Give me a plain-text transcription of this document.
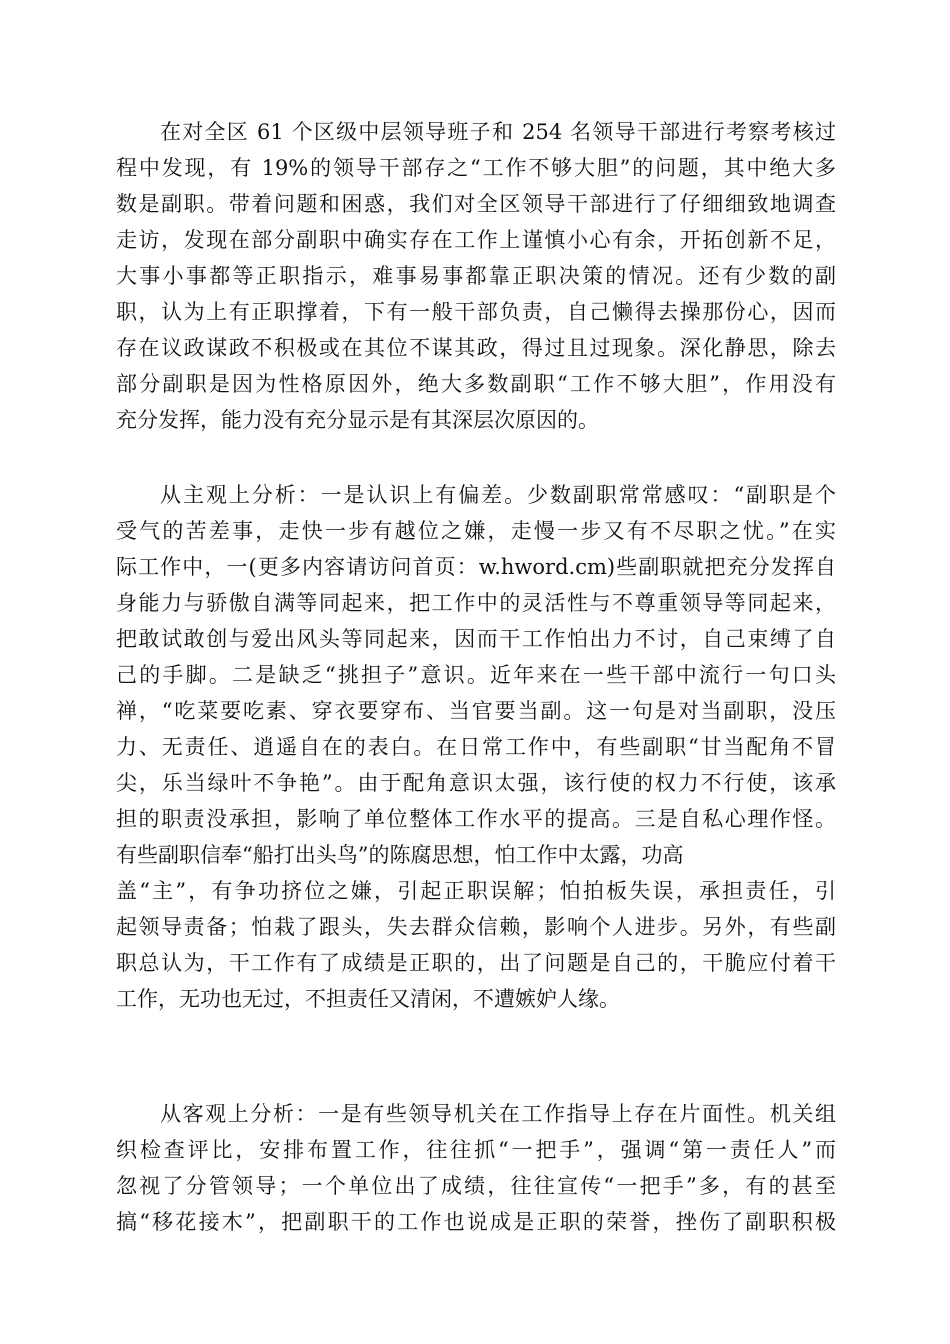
在对全区 61 个区级中层领导班子和 254 名领导干部进行考察考核过
程中发现，有 19%的领导干部存之“工作不够大胆”的问题，其中绝大多
数是副职。带着问题和困惑，我们对全区领导干部进行了仔细细致地调查
走访，发现在部分副职中确实存在工作上谨慎小心有余，开拓创新不足，
大事小事都等正职指示，难事易事都靠正职决策的情况。还有少数的副
职，认为上有正职撑着，下有一般干部负责，自己懒得去操那份心，因而
存在议政谋政不积极或在其位不谋其政，得过且过现象。深化静思，除去
部分副职是因为性格原因外，绝大多数副职“工作不够大胆”，作用没有
充分发挥，能力没有充分显示是有其深层次原因的。
从主观上分析：一是认识上有偏差。少数副职常常感叹：“副职是个
受气的苦差事，走快一步有越位之嫌，走慢一步又有不尽职之忧。”在实
际工作中，一(更多内容请访问首页：w.hword.cm)些副职就把充分发挥自
身能力与骄傲自满等同起来，把工作中的灵活性与不尊重领导等同起来，
把敢试敢创与爱出风头等同起来，因而干工作怕出力不讨，自己束缚了自
己的手脚。二是缺乏“挑担子”意识。近年来在一些干部中流行一句口头
禅，“吃菜要吃素、穿衣要穿布、当官要当副。这一句是对当副职，没压
力、无责任、逍遥自在的表白。在日常工作中，有些副职“甘当配角不冒
尖，乐当绿叶不争艳”。由于配角意识太强，该行使的权力不行使，该承
担的职责没承担，影响了单位整体工作水平的提高。三是自私心理作怪。
有些副职信奉“船打出头鸟”的陈腐思想，怕工作中太露，功高
盖“主”，有争功挤位之嫌，引起正职误解；怕拍板失误，承担责任，引
起领导责备；怕栽了跟头，失去群众信赖，影响个人进步。另外，有些副
职总认为，干工作有了成绩是正职的，出了问题是自己的，干脆应付着干
工作，无功也无过，不担责任又清闲，不遭嫉妒人缘。
从客观上分析：一是有些领导机关在工作指导上存在片面性。机关组
织检查评比，安排布置工作，往往抓“一把手”，强调“第一责任人”而
忽视了分管领导；一个单位出了成绩，往往宣传“一把手”多，有的甚至
搞“移花接木”，把副职干的工作也说成是正职的荣誉，挫伤了副职积极
